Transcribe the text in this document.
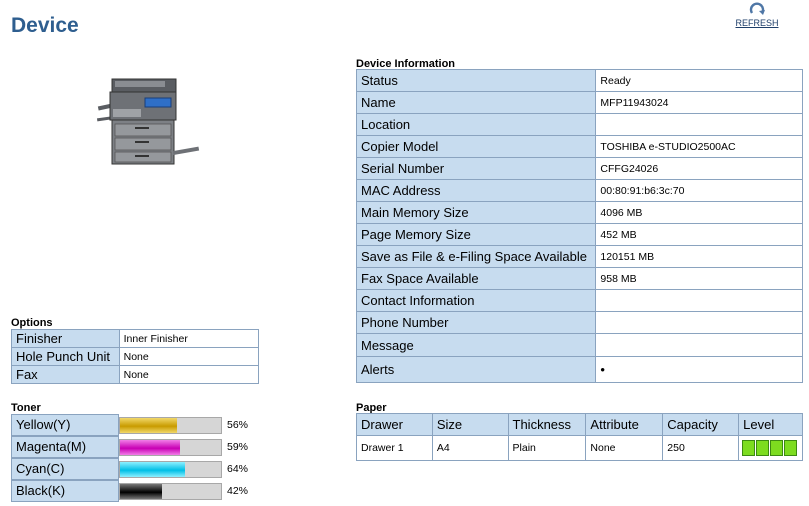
Device	REFRESH
Device Information
Status	Ready
Name	MFP11943024
Location	
Copier Model	TOSHIBA e-STUDIO2500AC
Serial Number	CFFG24026
MAC Address	00:80:91:b6:3c:70
Main Memory Size	4096 MB
Page Memory Size	452 MB
Save as File & e-Filing Space Available	120151 MB
Fax Space Available	958 MB
Contact Information	
Phone Number	
Message	
Alerts	•
Options
Finisher	Inner Finisher
Hole Punch Unit	None
Fax	None
Toner
Yellow(Y)	56%
Magenta(M)	59%
Cyan(C)	64%
Black(K)	42%
Paper
Drawer	Size	Thickness	Attribute	Capacity	Level
Drawer 1	A4	Plain	None	250	
